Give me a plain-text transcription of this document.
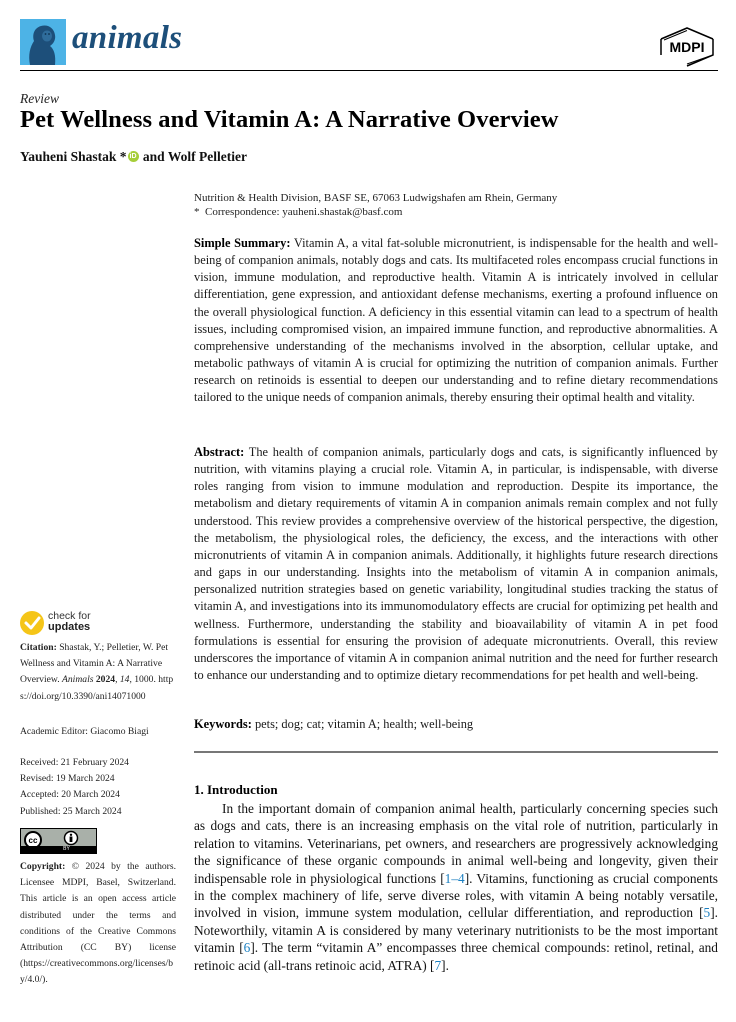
animals	MDPI
Review
Pet Wellness and Vitamin A: A Narrative Overview
Yauheni Shastak * iD and Wolf Pelletier
Nutrition & Health Division, BASF SE, 67063 Ludwigshafen am Rhein, Germany
* Correspondence: yauheni.shastak@basf.com
Simple Summary: Vitamin A, a vital fat-soluble micronutrient, is indispensable for the health and well-being of companion animals, notably dogs and cats. Its multifaceted roles encompass crucial functions in vision, immune modulation, and reproductive health. Vitamin A is intricately involved in cellular differentiation, gene expression, and antioxidant defense mechanisms, exerting a profound influence on the overall physiological function. A deficiency in this essential vitamin can lead to a spectrum of health issues, including compromised vision, an impaired immune function, and reproductive abnormalities. A comprehensive understanding of the mechanisms involved in the absorption, cellular uptake, and metabolic pathways of vitamin A is crucial for optimizing the nutrition of companion animals. Further research on retinoids is essential to deepen our understanding and to refine dietary recommendations tailored to the unique needs of companion animals, thereby ensuring their optimal health and vitality.
Abstract: The health of companion animals, particularly dogs and cats, is significantly influenced by nutrition, with vitamins playing a crucial role. Vitamin A, in particular, is indispensable, with diverse roles ranging from vision to immune modulation and reproduction. Despite its importance, the metabolism and dietary requirements of vitamin A in companion animals remain complex and not fully understood. This review provides a comprehensive overview of the historical perspective, the digestion, the metabolism, the physiological roles, the deficiency, the excess, and the interactions with other micronutrients of vitamin A in companion animals. Additionally, it highlights future research directions and gaps in our understanding. Insights into the metabolism of vitamin A in companion animals, personalized nutrition strategies based on genetic variability, longitudinal studies tracking the status of vitamin A, and investigations into its immunomodulatory effects are crucial for optimizing pet health and wellness. Furthermore, understanding the stability and bioavailability of vitamin A in pet food formulations is essential for ensuring the provision of adequate micronutrients. Overall, this review underscores the importance of vitamin A in companion animal nutrition and the need for further research to enhance our understanding and to optimize dietary recommendations for pet health and well-being.
Keywords: pets; dog; cat; vitamin A; health; well-being
1. Introduction
In the important domain of companion animal health, particularly concerning species such as dogs and cats, there is an increasing emphasis on the vital role of nutrition, particularly in relation to vitamins. Veterinarians, pet owners, and researchers are progressively acknowledging the significance of these organic compounds in animal well-being and longevity, given their indispensable role in physiological functions [1–4]. Vitamins, functioning as crucial components in the complex machinery of life, serve diverse roles, with vitamin A being notably versatile, involved in vision, immune system modulation, cellular differentiation, and reproduction [5]. Noteworthily, vitamin A is considered by many veterinary nutritionists to be the most important vitamin [6]. The term “vitamin A” encompasses three chemical compounds: retinol, retinal, and retinoic acid (all-trans retinoic acid, ATRA) [7].
check for
updates
Citation: Shastak, Y.; Pelletier, W. Pet Wellness and Vitamin A: A Narrative Overview. Animals 2024, 14, 1000. https://doi.org/10.3390/ani14071000
Academic Editor: Giacomo Biagi
Received: 21 February 2024
Revised: 19 March 2024
Accepted: 20 March 2024
Published: 25 March 2024
cc
BY
Copyright: © 2024 by the authors. Licensee MDPI, Basel, Switzerland. This article is an open access article distributed under the terms and conditions of the Creative Commons Attribution (CC BY) license (https://creativecommons.org/licenses/by/4.0/).
